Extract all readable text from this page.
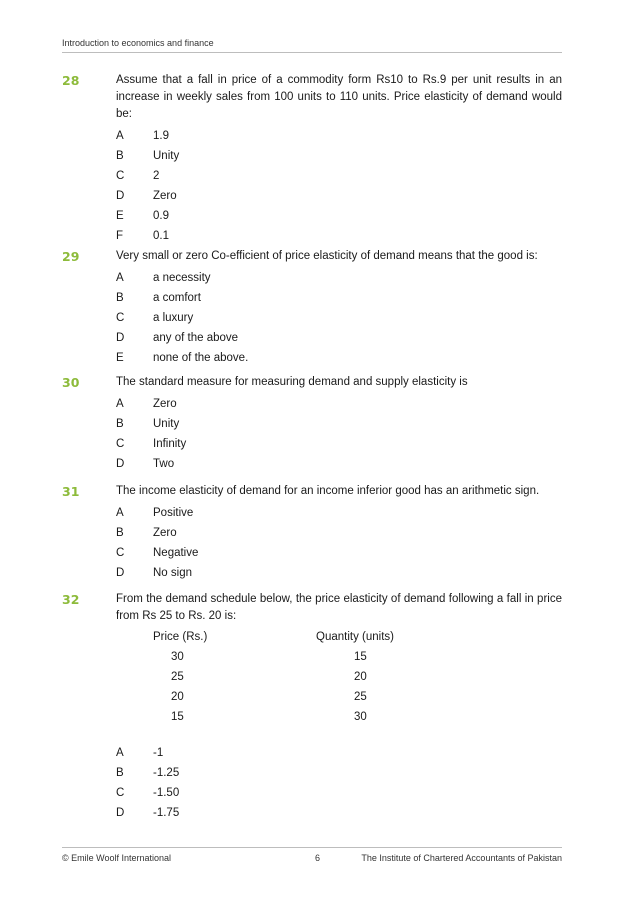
Introduction to economics and finance
28	Assume that a fall in price of a commodity form Rs10 to Rs.9 per unit results in an increase in weekly sales from 100 units to 110 units. Price elasticity of demand would be:
A	1.9
B	Unity
C 2
D Zero
E	0.9
F	0.1
29	Very small or zero Co-efficient of price elasticity of demand means that the good is:
A	a necessity
B	a comfort
C a luxury
D any of the above
E	none of the above.
30	The standard measure for measuring demand and supply elasticity is
A	Zero
B	Unity
C Infinity
D Two
31	The income elasticity of demand for an income inferior good has an arithmetic sign.
A	Positive
B	Zero
C Negative
D No sign
32	From the demand schedule below, the price elasticity of demand following a fall in price from Rs 25 to Rs. 20 is:
Price (Rs.)	Quantity (units)
30	15
25	20
20	25
15	30
A	-1
B	-1.25
C -1.50
D -1.75
© Emile Woolf International	6	The Institute of Chartered Accountants of Pakistan
